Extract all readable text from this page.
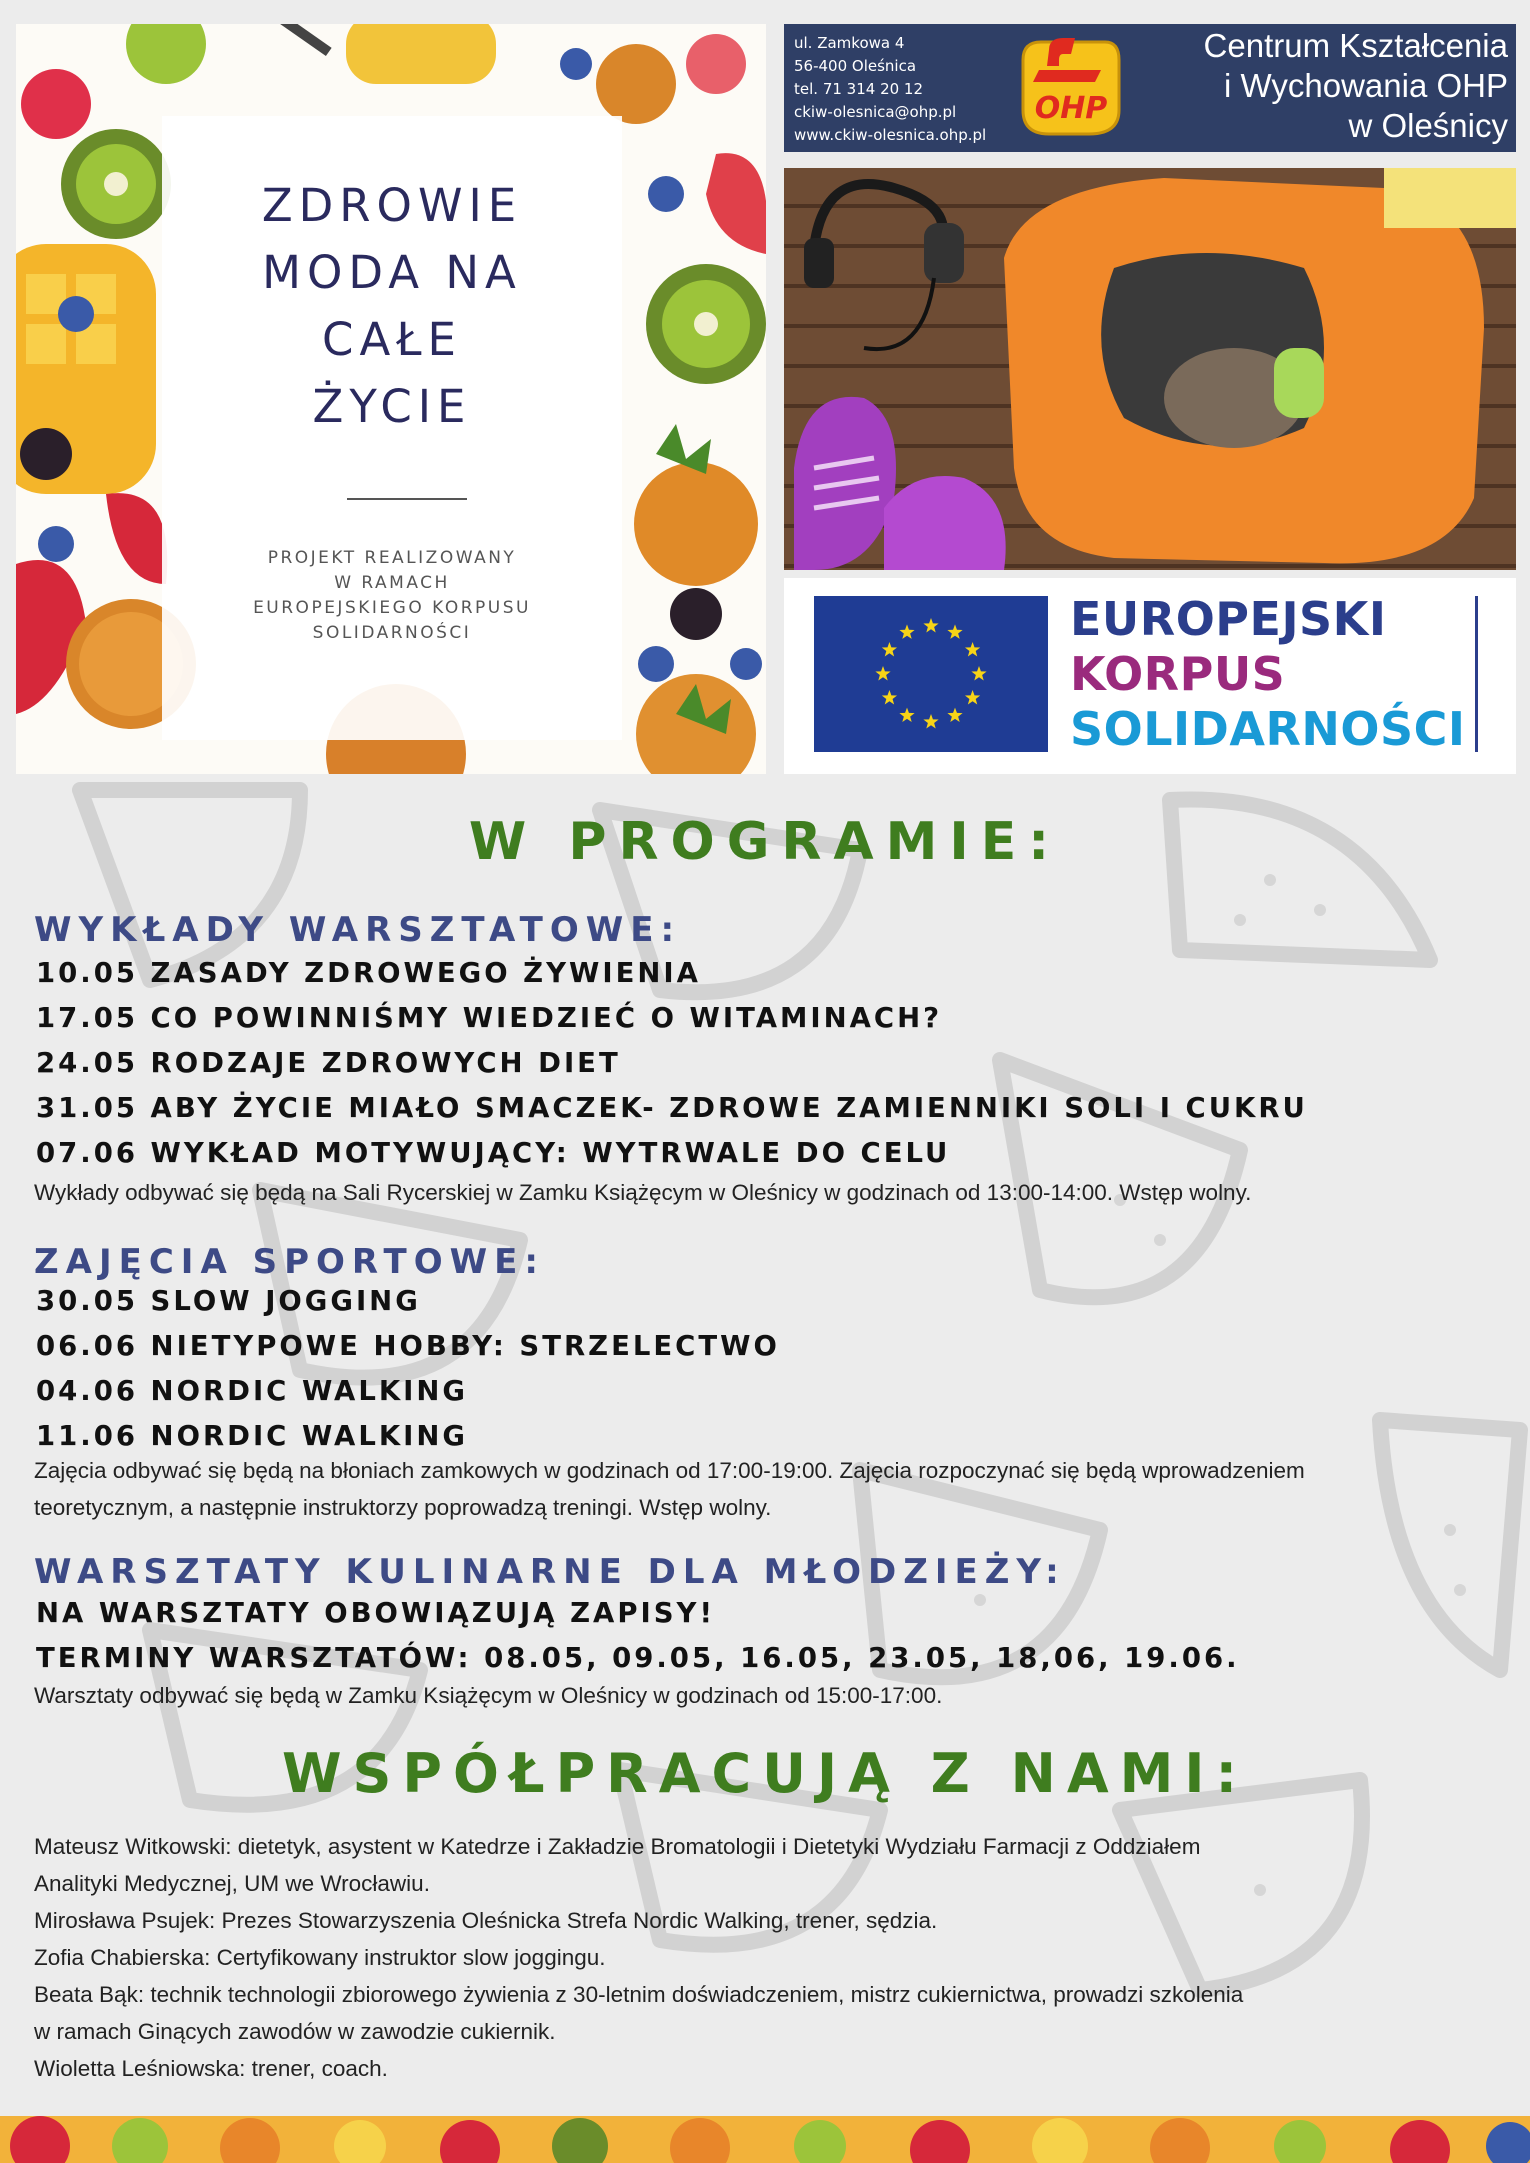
ZDROWIE
MODA NA
CAŁE
ŻYCIE
PROJEKT REALIZOWANY
W RAMACH
EUROPEJSKIEGO KORPUSU
SOLIDARNOŚCI
ul. Zamkowa 4
56-400 Oleśnica
tel. 71 314 20 12
ckiw-olesnica@ohp.pl
www.ckiw-olesnica.ohp.pl
OHP
Centrum Kształcenia
i Wychowania OHP
w Oleśnicy
EUROPEJSKI
KORPUS
SOLIDARNOŚCI
W PROGRAMIE:
WYKŁADY WARSZTATOWE:
10.05 ZASADY ZDROWEGO ŻYWIENIA
17.05 CO POWINNIŚMY WIEDZIEĆ O WITAMINACH?
24.05 RODZAJE ZDROWYCH DIET
31.05 ABY ŻYCIE MIAŁO SMACZEK- ZDROWE ZAMIENNIKI SOLI I CUKRU
07.06 WYKŁAD MOTYWUJĄCY: WYTRWALE DO CELU
Wykłady odbywać się będą na Sali Rycerskiej w Zamku Książęcym w Oleśnicy w godzinach od 13:00-14:00. Wstęp wolny.
ZAJĘCIA SPORTOWE:
30.05 SLOW JOGGING
06.06 NIETYPOWE HOBBY: STRZELECTWO
04.06 NORDIC WALKING
11.06 NORDIC WALKING
Zajęcia odbywać się będą na błoniach zamkowych w godzinach od 17:00-19:00. Zajęcia rozpoczynać się będą wprowadzeniem
teoretycznym, a następnie instruktorzy poprowadzą treningi. Wstęp wolny.
WARSZTATY KULINARNE DLA MŁODZIEŻY:
NA WARSZTATY OBOWIĄZUJĄ ZAPISY!
TERMINY WARSZTATÓW: 08.05, 09.05, 16.05, 23.05, 18,06, 19.06.
Warsztaty odbywać się będą w Zamku Książęcym w Oleśnicy w godzinach od 15:00-17:00.
WSPÓŁPRACUJĄ Z NAMI:
Mateusz Witkowski: dietetyk, asystent w Katedrze i Zakładzie Bromatologii i Dietetyki Wydziału Farmacji z Oddziałem
Analityki Medycznej, UM we Wrocławiu.
Mirosława Psujek: Prezes Stowarzyszenia Oleśnicka Strefa Nordic Walking, trener, sędzia.
Zofia Chabierska: Certyfikowany instruktor slow joggingu.
Beata Bąk: technik technologii zbiorowego żywienia z 30-letnim doświadczeniem, mistrz cukiernictwa, prowadzi szkolenia
w ramach Ginących zawodów w zawodzie cukiernik.
Wioletta Leśniowska: trener, coach.
